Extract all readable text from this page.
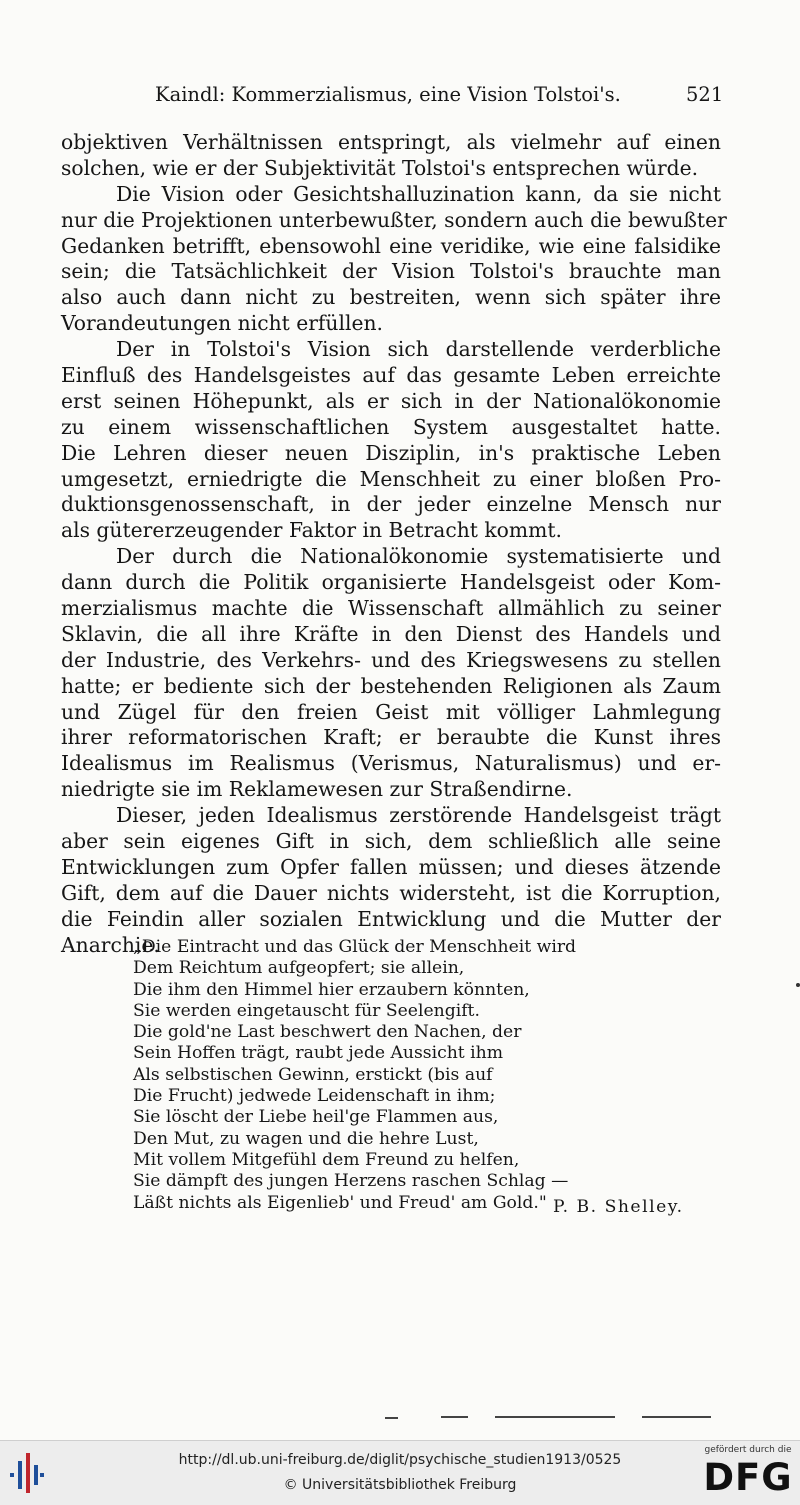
Kaindl: Kommerzialismus, eine Vision Tolstoi's.	521
objektiven Verhältnissen entspringt, als vielmehr auf einen
solchen, wie er der Subjektivität Tolstoi's entsprechen würde.
Die Vision oder Gesichtshalluzination kann, da sie nicht
nur die Projektionen unterbewußter, sondern auch die bewußter
Gedanken betrifft, ebensowohl eine veridike, wie eine falsidike
sein; die Tatsächlichkeit der Vision Tolstoi's brauchte man
also auch dann nicht zu bestreiten, wenn sich später ihre
Vorandeutungen nicht erfüllen.
Der in Tolstoi's Vision sich darstellende verderbliche
Einfluß des Handelsgeistes auf das gesamte Leben erreichte
erst seinen Höhepunkt, als er sich in der Nationalökonomie
zu einem wissenschaftlichen System ausgestaltet hatte.
Die Lehren dieser neuen Disziplin, in's praktische Leben
umgesetzt, erniedrigte die Menschheit zu einer bloßen Pro-
duktionsgenossenschaft, in der jeder einzelne Mensch nur
als gütererzeugender Faktor in Betracht kommt.
Der durch die Nationalökonomie systematisierte und
dann durch die Politik organisierte Handelsgeist oder Kom-
merzialismus machte die Wissenschaft allmählich zu seiner
Sklavin, die all ihre Kräfte in den Dienst des Handels und
der Industrie, des Verkehrs- und des Kriegswesens zu stellen
hatte; er bediente sich der bestehenden Religionen als Zaum
und Zügel für den freien Geist mit völliger Lahmlegung
ihrer reformatorischen Kraft; er beraubte die Kunst ihres
Idealismus im Realismus (Verismus, Naturalismus) und er-
niedrigte sie im Reklamewesen zur Straßendirne.
Dieser, jeden Idealismus zerstörende Handelsgeist trägt
aber sein eigenes Gift in sich, dem schließlich alle seine
Entwicklungen zum Opfer fallen müssen; und dieses ätzende
Gift, dem auf die Dauer nichts widersteht, ist die Korruption,
die Feindin aller sozialen Entwicklung und die Mutter der
Anarchie.
„Die Eintracht und das Glück der Menschheit wird
Dem Reichtum aufgeopfert; sie allein,
Die ihm den Himmel hier erzaubern könnten,
Sie werden eingetauscht für Seelengift.
Die gold'ne Last beschwert den Nachen, der
Sein Hoffen trägt, raubt jede Aussicht ihm
Als selbstischen Gewinn, erstickt (bis auf
Die Frucht) jedwede Leidenschaft in ihm;
Sie löscht der Liebe heil'ge Flammen aus,
Den Mut, zu wagen und die hehre Lust,
Mit vollem Mitgefühl dem Freund zu helfen,
Sie dämpft des jungen Herzens raschen Schlag —
Läßt nichts als Eigenlieb' und Freud' am Gold." P. B. Shelley.
http://dl.ub.uni-freiburg.de/diglit/psychische_studien1913/0525
© Universitätsbibliothek Freiburg
gefördert durch die
DFG
